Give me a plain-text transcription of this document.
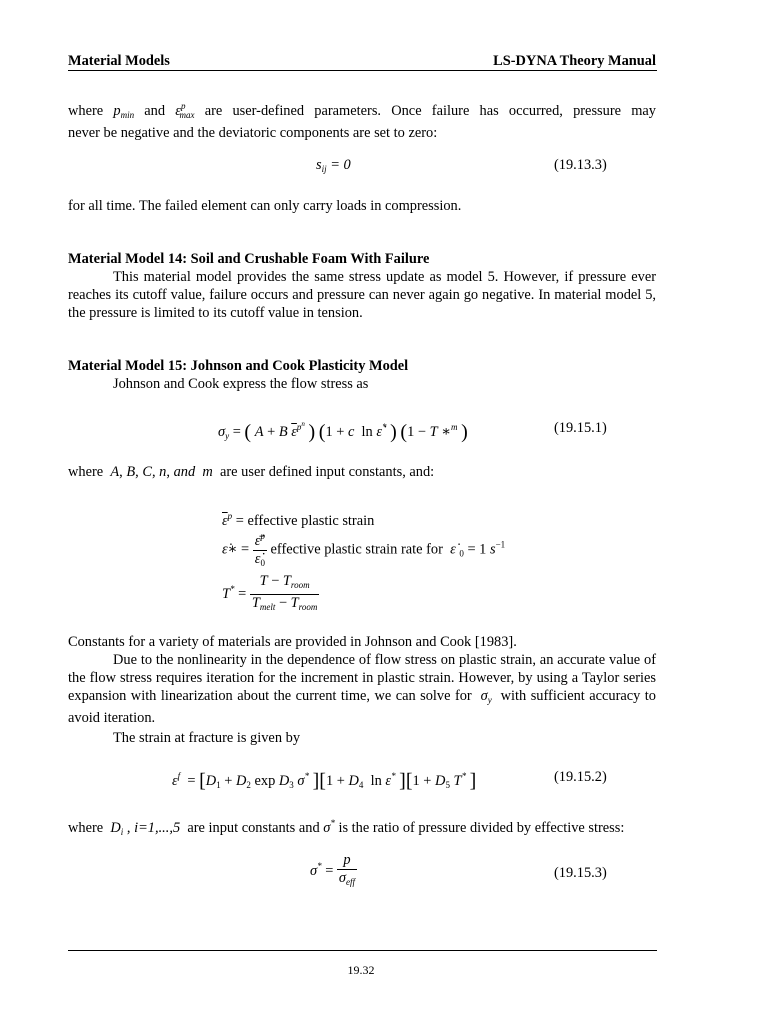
Material Models	LS-DYNA Theory Manual
where $p_{min}$ and $\varepsilon^p_{max}$ are user-defined parameters. Once failure has occurred, pressure may
never be negative and the deviatoric components are set to zero:
$s_{ij} = 0$	(19.13.3)
for all time. The failed element can only carry loads in compression.
Material Model 14: Soil and Crushable Foam With Failure
This material model provides the same stress update as model 5. However, if pressure ever reaches its cutoff value, failure occurs and pressure can never again go negative. In material model 5, the pressure is limited to its cutoff value in tension.
Material Model 15: Johnson and Cook Plasticity Model
Johnson and Cook express the flow stress as
$\sigma_y$ = ( A + B $\overline{\varepsilon}^{p^n}$ ) (1 + c  ln ε̇* ) (1 − T ∗$^m$ )	(19.15.1)
where A, B, C, n, and m are user defined input constants, and:
$\overline{\varepsilon}^p$ = effective plastic strain
ε̇∗ = $\frac{\varepsiloṅ̄^p}{\varepsiloṅ_0}$ effective plastic strain rate for ε̇ $_0$ = 1 $s^{-1}$
$T^* = \frac{T - T_{room}}{T_{melt} - T_{room}}$
Constants for a variety of materials are provided in Johnson and Cook [1983].
Due to the nonlinearity in the dependence of flow stress on plastic strain, an accurate value of the flow stress requires iteration for the increment in plastic strain. However, by using a Taylor series expansion with linearization about the current time, we can solve for $\sigma_y$ with sufficient accuracy to avoid iteration.
The strain at fracture is given by
$\varepsilon^f = [D_1 + D_2$ $\exp D_3$ σ* ][$1 + D_4$  ln ε* ][$1 + D_5$ T* ]	(19.15.2)
where $D_i$ , i=1,...,5 are input constants and σ* is the ratio of pressure divided by effective stress:
$\sigma^* = \frac{p}{\sigma_{eff}}$	(19.15.3)
19.32
